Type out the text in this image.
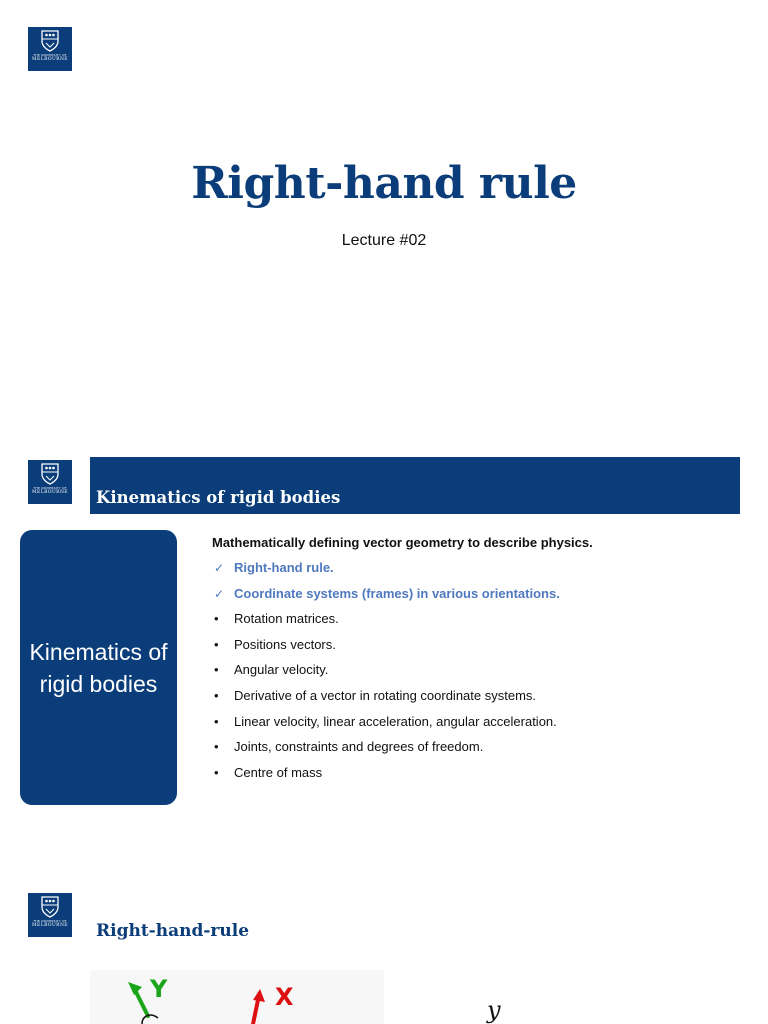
THE UNIVERSITY OF
MELBOURNE
Right-hand rule
Lecture #02
THE UNIVERSITY OF
MELBOURNE Kinematics of rigid bodies
Kinematics of rigid bodies
Mathematically defining vector geometry to describe physics.
✓ Right-hand rule.
✓ Coordinate systems (frames) in various orientations.
• Rotation matrices.
• Positions vectors.
• Angular velocity.
• Derivative of a vector in rotating coordinate systems.
• Linear velocity, linear acceleration, angular acceleration.
• Joints, constraints and degrees of freedom.
• Centre of mass
THE UNIVERSITY OF
MELBOURNE Right-hand-rule
Y	X	y
